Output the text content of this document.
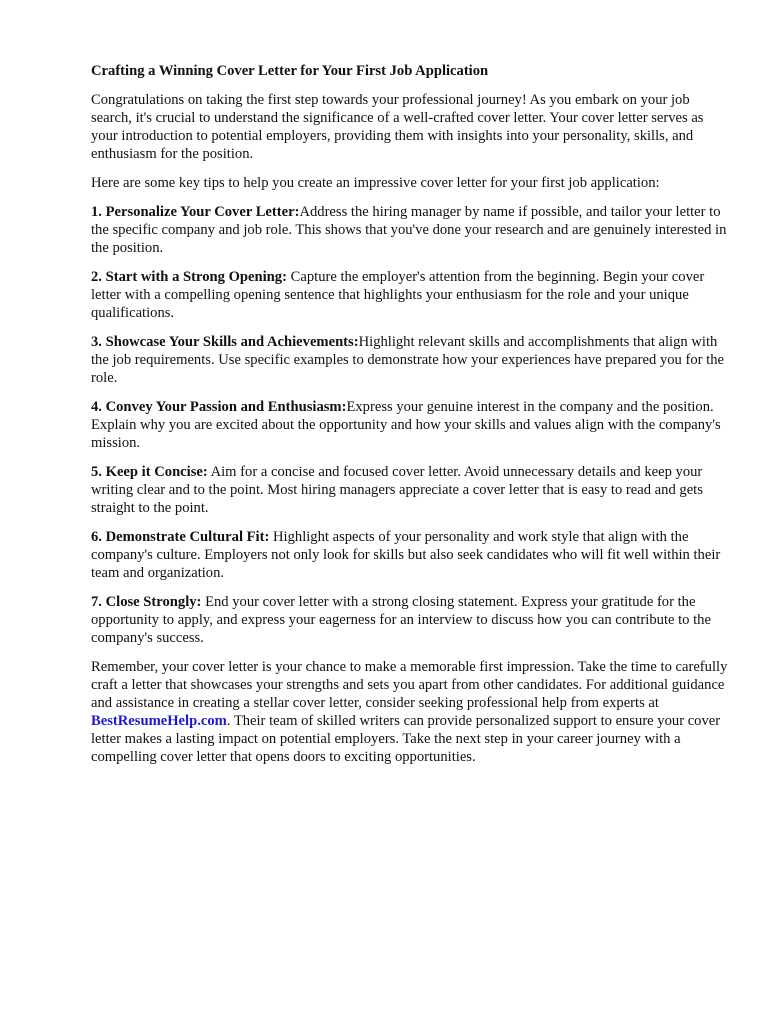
Crafting a Winning Cover Letter for Your First Job Application

Congratulations on taking the first step towards your professional journey! As you embark on your job search, it's crucial to understand the significance of a well-crafted cover letter. Your cover letter serves as your introduction to potential employers, providing them with insights into your personality, skills, and enthusiasm for the position.

Here are some key tips to help you create an impressive cover letter for your first job application:

1. Personalize Your Cover Letter:Address the hiring manager by name if possible, and tailor your letter to the specific company and job role. This shows that you've done your research and are genuinely interested in the position.

2. Start with a Strong Opening: Capture the employer's attention from the beginning. Begin your cover letter with a compelling opening sentence that highlights your enthusiasm for the role and your unique qualifications.

3. Showcase Your Skills and Achievements:Highlight relevant skills and accomplishments that align with the job requirements. Use specific examples to demonstrate how your experiences have prepared you for the role.

4. Convey Your Passion and Enthusiasm:Express your genuine interest in the company and the position. Explain why you are excited about the opportunity and how your skills and values align with the company's mission.

5. Keep it Concise: Aim for a concise and focused cover letter. Avoid unnecessary details and keep your writing clear and to the point. Most hiring managers appreciate a cover letter that is easy to read and gets straight to the point.

6. Demonstrate Cultural Fit: Highlight aspects of your personality and work style that align with the company's culture. Employers not only look for skills but also seek candidates who will fit well within their team and organization.

7. Close Strongly: End your cover letter with a strong closing statement. Express your gratitude for the opportunity to apply, and express your eagerness for an interview to discuss how you can contribute to the company's success.

Remember, your cover letter is your chance to make a memorable first impression. Take the time to carefully craft a letter that showcases your strengths and sets you apart from other candidates. For additional guidance and assistance in creating a stellar cover letter, consider seeking professional help from experts at BestResumeHelp.com. Their team of skilled writers can provide personalized support to ensure your cover letter makes a lasting impact on potential employers. Take the next step in your career journey with a compelling cover letter that opens doors to exciting opportunities.
